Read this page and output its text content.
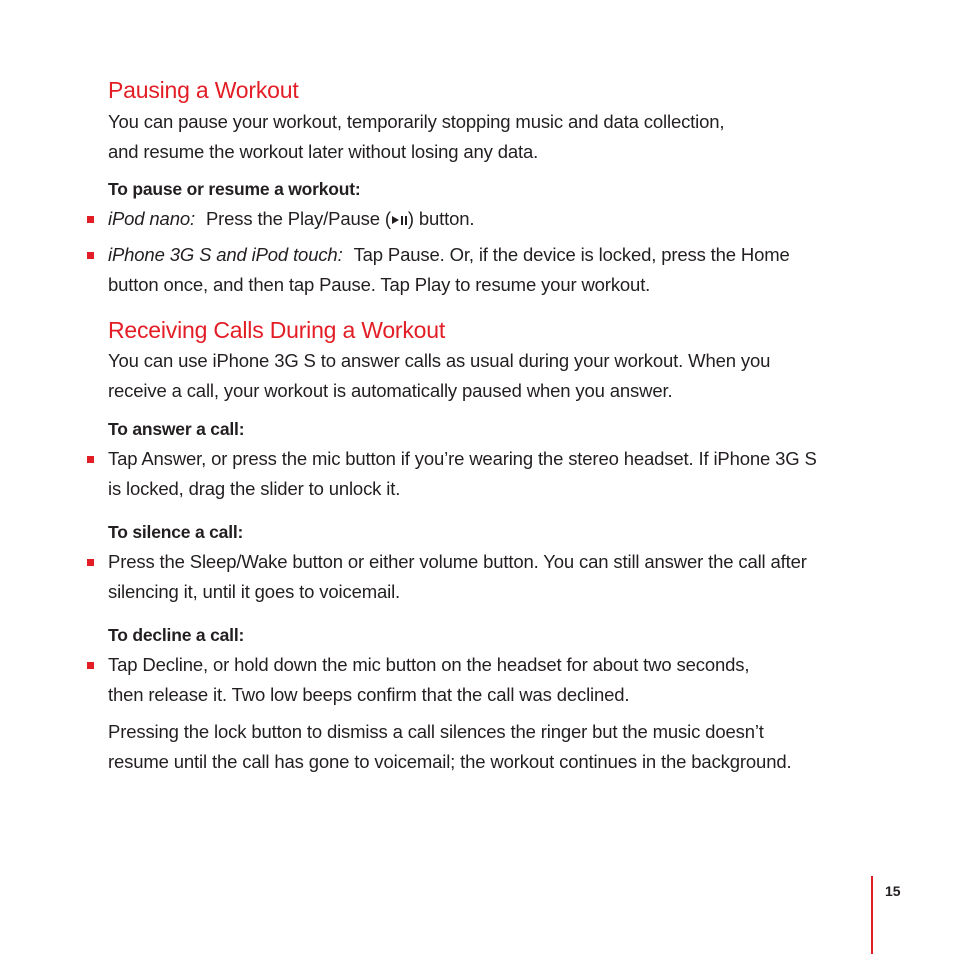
Pausing a Workout

You can pause your workout, temporarily stopping music and data collection,
and resume the workout later without losing any data.

To pause or resume a workout:

iPod nano: Press the Play/Pause ( ) button.
iPhone 3G S and iPod touch: Tap Pause. Or, if the device is locked, press the Home
button once, and then tap Pause. Tap Play to resume your workout.
Receiving Calls During a Workout

You can use iPhone 3G S to answer calls as usual during your workout. When you
receive a call, your workout is automatically paused when you answer.

To answer a call:

Tap Answer, or press the mic button if you’re wearing the stereo headset. If iPhone 3G S
is locked, drag the slider to unlock it.

To silence a call:

Press the Sleep/Wake button or either volume button. You can still answer the call after
silencing it, until it goes to voicemail.

To decline a call:

Tap Decline, or hold down the mic button on the headset for about two seconds,
then release it. Two low beeps confirm that the call was declined.

Pressing the lock button to dismiss a call silences the ringer but the music doesn’t
resume until the call has gone to voicemail; the workout continues in the background.

15
